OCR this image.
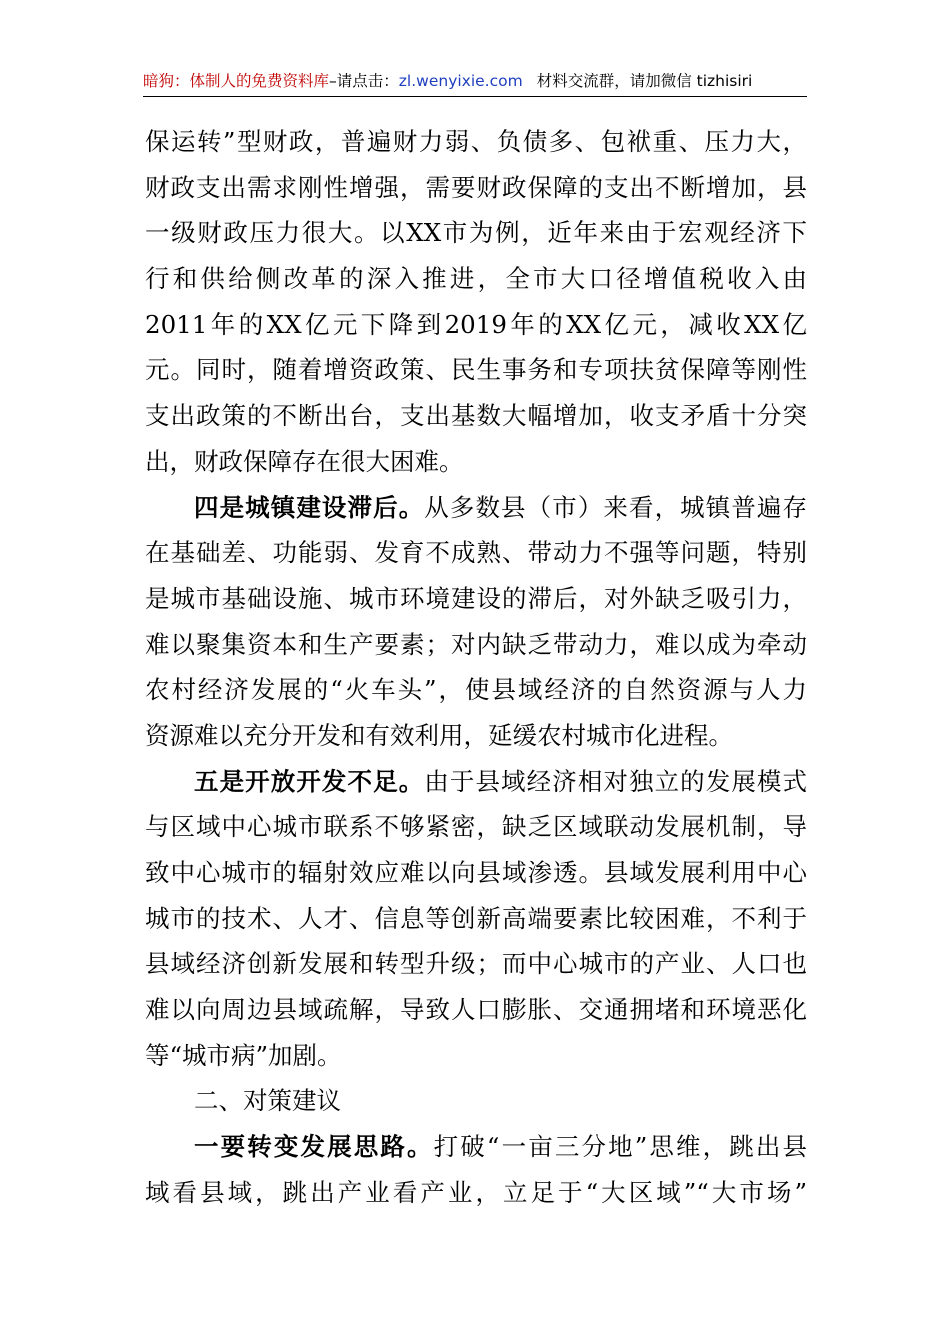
暗狗：体制人的免费资料库–请点击：zl.wenyixie.com 材料交流群，请加微信 tizhisiri
保运转”型财政，普遍财力弱、负债多、包袱重、压力大，
财政支出需求刚性增强，需要财政保障的支出不断增加，县
一级财政压力很大。以XX市为例，近年来由于宏观经济下
行和供给侧改革的深入推进，全市大口径增值税收入由
2011年的XX亿元下降到2019年的XX亿元，减收XX亿
元。同时，随着增资政策、民生事务和专项扶贫保障等刚性
支出政策的不断出台，支出基数大幅增加，收支矛盾十分突
出，财政保障存在很大困难。
四是城镇建设滞后。从多数县（市）来看，城镇普遍存
在基础差、功能弱、发育不成熟、带动力不强等问题，特别
是城市基础设施、城市环境建设的滞后，对外缺乏吸引力，
难以聚集资本和生产要素；对内缺乏带动力，难以成为牵动
农村经济发展的“火车头”，使县域经济的自然资源与人力
资源难以充分开发和有效利用，延缓农村城市化进程。
五是开放开发不足。由于县域经济相对独立的发展模式
与区域中心城市联系不够紧密，缺乏区域联动发展机制，导
致中心城市的辐射效应难以向县域渗透。县域发展利用中心
城市的技术、人才、信息等创新高端要素比较困难，不利于
县域经济创新发展和转型升级；而中心城市的产业、人口也
难以向周边县域疏解，导致人口膨胀、交通拥堵和环境恶化
等“城市病”加剧。
二、对策建议
一要转变发展思路。打破“一亩三分地”思维，跳出县
域看县域，跳出产业看产业，立足于“大区域”“大市场”
